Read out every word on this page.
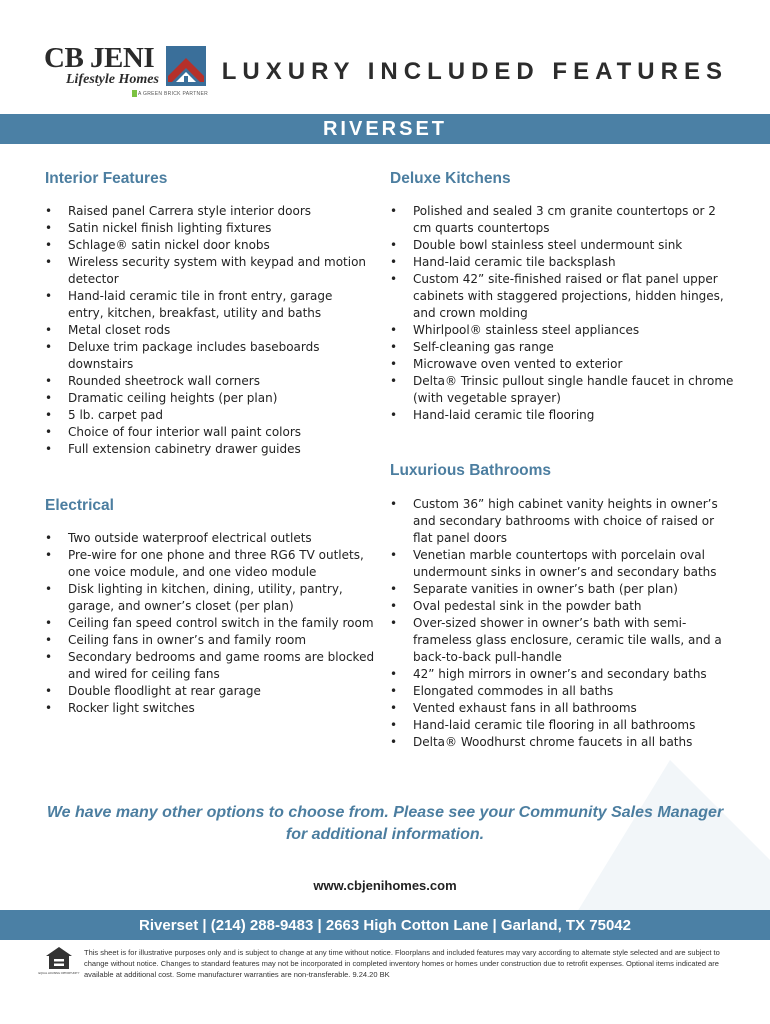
CB JENI
Lifestyle Homes
A GREEN BRICK PARTNER
LUXURY INCLUDED FEATURES
RIVERSET
Interior Features
• Raised panel Carrera style interior doors
• Satin nickel finish lighting fixtures
• Schlage® satin nickel door knobs
• Wireless security system with keypad and motion detector
• Hand-laid ceramic tile in front entry, garage entry, kitchen, breakfast, utility and baths
• Metal closet rods
• Deluxe trim package includes baseboards downstairs
• Rounded sheetrock wall corners
• Dramatic ceiling heights (per plan)
• 5 lb. carpet pad
• Choice of four interior wall paint colors
• Full extension cabinetry drawer guides
Electrical
• Two outside waterproof electrical outlets
• Pre-wire for one phone and three RG6 TV outlets, one voice module, and one video module
• Disk lighting in kitchen, dining, utility, pantry, garage, and owner’s closet (per plan)
• Ceiling fan speed control switch in the family room
• Ceiling fans in owner’s and family room
• Secondary bedrooms and game rooms are blocked and wired for ceiling fans
• Double floodlight at rear garage
• Rocker light switches
Deluxe Kitchens
• Polished and sealed 3 cm granite countertops or 2 cm quarts countertops
• Double bowl stainless steel undermount sink
• Hand-laid ceramic tile backsplash
• Custom 42” site-finished raised or flat panel upper cabinets with staggered projections, hidden hinges, and crown molding
• Whirlpool® stainless steel appliances
• Self-cleaning gas range
• Microwave oven vented to exterior
• Delta® Trinsic pullout single handle faucet in chrome (with vegetable sprayer)
• Hand-laid ceramic tile flooring
Luxurious Bathrooms
• Custom 36” high cabinet vanity heights in owner’s and secondary bathrooms with choice of raised or flat panel doors
• Venetian marble countertops with porcelain oval undermount sinks in owner’s and secondary baths
• Separate vanities in owner’s bath (per plan)
• Oval pedestal sink in the powder bath
• Over-sized shower in owner’s bath with semi-frameless glass enclosure, ceramic tile walls, and a back-to-back pull-handle
• 42” high mirrors in owner’s and secondary baths
• Elongated commodes in all baths
• Vented exhaust fans in all bathrooms
• Hand-laid ceramic tile flooring in all bathrooms
• Delta® Woodhurst chrome faucets in all baths
We have many other options to choose from. Please see your Community Sales Manager
for additional information.
www.cbjenihomes.com
Riverset | (214) 288-9483 | 2663 High Cotton Lane | Garland, TX 75042
EQUAL HOUSING OPPORTUNITY
This sheet is for illustrative purposes only and is subject to change at any time without notice. Floorplans and included features may vary according to alternate style selected and are subject to change without notice. Changes to standard features may not be incorporated in completed inventory homes or homes under construction due to retrofit expenses. Optional items indicated are available at additional cost. Some manufacturer warranties are non-transferable. 9.24.20 BK
